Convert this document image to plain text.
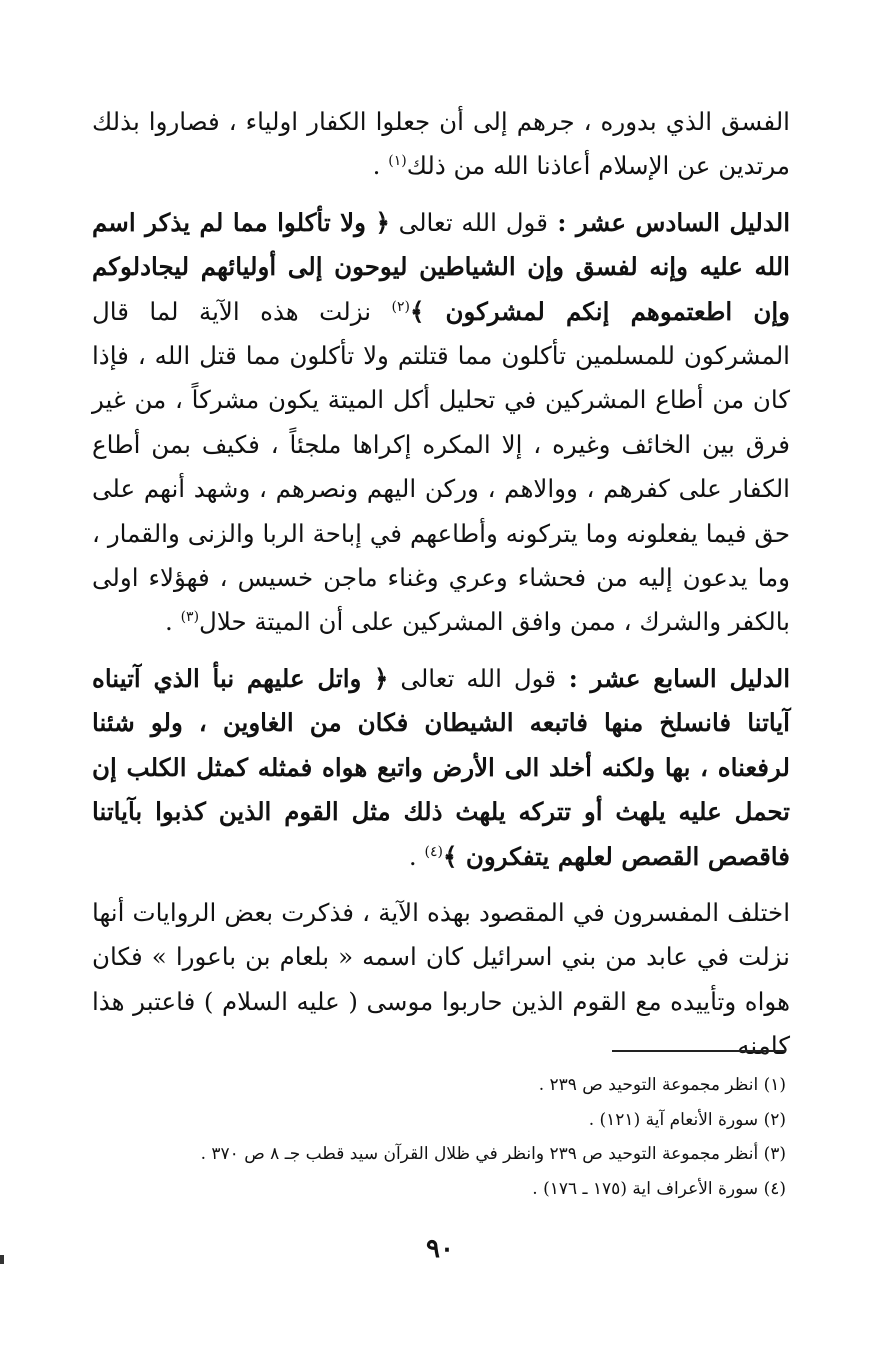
الفسق الذي بدوره ، جرهم إلى أن جعلوا الكفار اولياء ، فصاروا بذلك مرتدين عن الإسلام أعاذنا الله من ذلك$^{(١)}$ .

الدليل السادس عشر : قول الله تعالى ﴿ ولا تأكلوا مما لم يذكر اسم الله عليه وإنه لفسق وإن الشياطين ليوحون إلى أوليائهم ليجادلوكم وإن اطعتموهم إنكم لمشركون ﴾$^{(٢)}$ نزلت هذه الآية لما قال المشركون للمسلمين تأكلون مما قتلتم ولا تأكلون مما قتل الله ، فإذا كان من أطاع المشركين في تحليل أكل الميتة يكون مشركاً ، من غير فرق بين الخائف وغيره ، إلا المكره إكراها ملجئاً ، فكيف بمن أطاع الكفار على كفرهم ، ووالاهم ، وركن اليهم ونصرهم ، وشهد أنهم على حق فيما يفعلونه وما يتركونه وأطاعهم في إباحة الربا والزنى والقمار ، وما يدعون إليه من فحشاء وعري وغناء ماجن خسيس ، فهؤلاء اولى بالكفر والشرك ، ممن وافق المشركين على أن الميتة حلال$^{(٣)}$ .

الدليل السابع عشر : قول الله تعالى ﴿ واتل عليهم نبأ الذي آتيناه آياتنا فانسلخ منها فاتبعه الشيطان فكان من الغاوين ، ولو شئنا لرفعناه ، بها ولكنه أخلد الى الأرض واتبع هواه فمثله كمثل الكلب إن تحمل عليه يلهث أو تتركه يلهث ذلك مثل القوم الذين كذبوا بآياتنا فاقصص القصص لعلهم يتفكرون ﴾$^{(٤)}$ .

اختلف المفسرون في المقصود بهذه الآية ، فذكرت بعض الروايات أنها نزلت في عابد من بني اسرائيل كان اسمه « بلعام بن باعورا » فكان هواه وتأييده مع القوم الذين حاربوا موسى ( عليه السلام ) فاعتبر هذا كامنه

(١) انظر مجموعة التوحيد ص ٢٣٩ .
(٢) سورة الأنعام آية (١٢١) .
(٣) أنظر مجموعة التوحيد ص ٢٣٩ وانظر في ظلال القرآن سيد قطب جـ ٨ ص ٣٧٠ .
(٤) سورة الأعراف اية (١٧٥ ـ ١٧٦) .
٩٠
